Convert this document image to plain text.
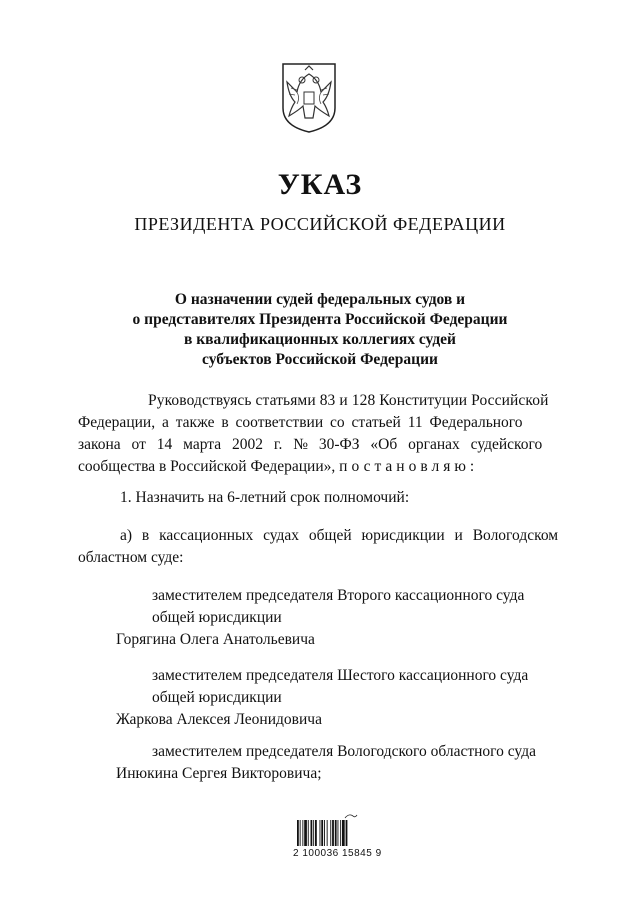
УКАЗ
ПРЕЗИДЕНТА РОССИЙСКОЙ ФЕДЕРАЦИИ
О назначении судей федеральных судов и
о представителях Президента Российской Федерации
в квалификационных коллегиях судей
субъектов Российской Федерации
Руководствуясь статьями 83 и 128 Конституции Российской
Федерации, а также в соответствии со статьей 11 Федерального
закона от 14 марта 2002 г. № 30-ФЗ «Об органах судейского
сообщества в Российской Федерации», постановляю:
1. Назначить на 6-летний срок полномочий:
а) в кассационных судах общей юрисдикции и Вологодском
областном суде:
заместителем председателя Второго кассационного суда
общей юрисдикции
Горягина Олега Анатольевича
заместителем председателя Шестого кассационного суда
общей юрисдикции
Жаркова Алексея Леонидовича
заместителем председателя Вологодского областного суда
Инюкина Сергея Викторовича;
2 100036 15845 9
